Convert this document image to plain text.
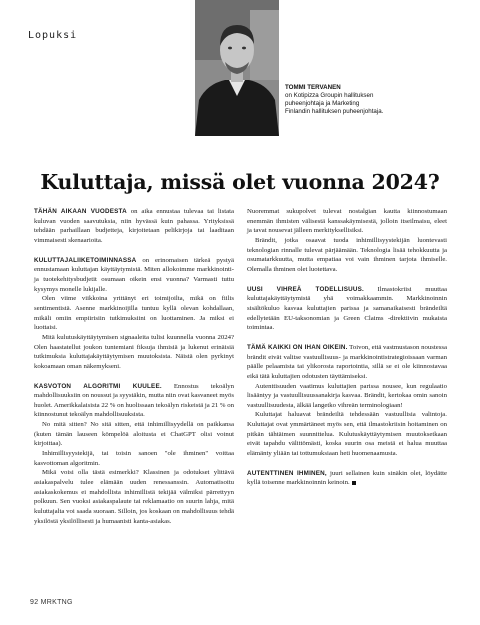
Lopuksi
TOMMI TERVANEN
on Kotipizza Groupin hallituksen puheenjohtaja ja Marketing Finlandin hallituksen puheenjohtaja.
Kuluttaja, missä olet vuonna 2024?

TÄHÄN AIKAAN VUODESTA on aika ennustaa tulevaa tai listata kuluvan vuoden saavutuksia, niin hyvässä kuin pahassa. Yrityksissä tehdään parhaillaan budjetteja, kirjoitetaan pelikirjoja tai laaditaan vimmaisesti skenaarioita.

KULUTTAJALIIKETOIMINNASSA on erinomaisen tärkeä pystyä ennustamaan kuluttajan käyttäytymistä. Miten allokoimme markkinointi- ja tuotekehitysbudjetit osumaan oikein ensi vuonna? Varmasti tuttu kysymys monelle lukijalle.

Olen viime viikkoina yrittänyt eri toimijoilta, mikä on fiilis sentimentistä. Asenne markkinoijilla tuntuu kyllä olevan kohdallaan, mikäli omiin empiirisiin tutkimuksiini on luottaminen. Ja miksi ei luottaisi.

Mitä kulutuskäyttäytymisen signaaleita tulisi kuunnella vuonna 2024? Olen haastatellut joukon tuntemiani fiksuja ihmisiä ja lukenut erinäisiä tutkimuksia kuluttajakäyttäytymisen muutoksista. Näistä olen pyrkinyt kokoamaan oman näkemykseni.

KASVOTON ALGORITMI KUULEE. Ennostus tekoälyn mahdollisuuksiin on noussut ja syystäkin, mutta niin ovat kasvaneet myös huolet. Amerikkalaisista 22 % on huolissaan tekoälyn riskeistä ja 21 % on kiinnostunut tekoälyn mahdollisuuksista.

No mitä sitten? No sitä sitten, että inhimillisyydellä on paikkansa (kuten tämän lauseen kömpelöä aloitusta ei ChatGPT olisi voinut kirjoittaa).

Inhimillisyystekijä, tai toisin sanoen "ole ihminen" voittaa kasvottoman algoritmin.

Mikä voisi olla tästä esimerkki? Klassinen ja odotukset ylittävä asiakaspalvelu tulee elämään uuden renessanssin. Automatisoitu asiakaskokemus ei mahdollista inhimillistä tekijää välmiksi pärrettyyn polkuun. Sen vuoksi asiakaspalaute tai reklamaatio on suurin lahja, mitä kuluttajalta voi saada suoraan. Silloin, jos koskaan on mahdollisuus tehdä yksilöstä yksilöllisesti ja humaanisti kanta-asiakas.

Nuoremmat sukupolvet tulevat nostalgian kautta kiinnostumaan enemmän ihmisten välisestä kanssakäymisestä, jolloin itseilmaisu, eleet ja tavat nousevat jälleen merkityksellisiksi.

Brändit, jotka osaavat tuoda inhimillisyystekijän luontevasti teknologian rinnalle tulevat pärjäämään. Teknologia lisää tehokkuutta ja osumatarkkuutta, mutta empatiaa voi vain ihminen tarjota ihmiselle. Olemalla ihminen olet luotettava.

UUSI VIHREÄ TODELLISUUS. Ilmastokriisi muuttaa kuluttajakäyttäytymistä yhä voimakkaammin. Markkinoinnin sisältökuluo kasvaa kuluttajien parissa ja samanaikaisesti brändeiltä edellytetään EU-taksonomian ja Green Claims -direktiivin mukaista toimintaa.

TÄMÄ KAIKKI ON IHAN OIKEIN. Toivon, että vastmustason noustessa brändit eivät valitse vastuullisuus- ja markkinointistrategioissaan varman päälle pelaamista tai ylikorosta raportointia, sillä se ei ole kiinnostavaa eikä tätä kuluttajien odotusten täyttämiseksi.

Autenttisuuden vaatimus kuluttajien parissa nousee, kun regulaatio lisääntyy ja vastuullisuussanakirja kasvaa. Brändit, kertokaa omin sanoin vastuullisuudesta, älkää langetko vihreän terminologiaan!

Kuluttajat haluavat brändeiltä tehdessään vastuullisia valintoja. Kuluttajat ovat ymmärtäneet myös sen, että ilmastokriisin hoitaminen on pitkän tähtäimen suunnittelua. Kulutuskäyttäytymisen muutoksetkaan eivät tapahdu välittömästi, koska suurin osa meistä ei halua muuttaa elämänty yliään tai tottumuksiaan heti huomenaamusta.

AUTENTTINEN IHMINEN, juuri sellainen kuin sinäkin olet, löydätte kyllä toisenne markkinoinnin keinoin.

92 MRKTNG
